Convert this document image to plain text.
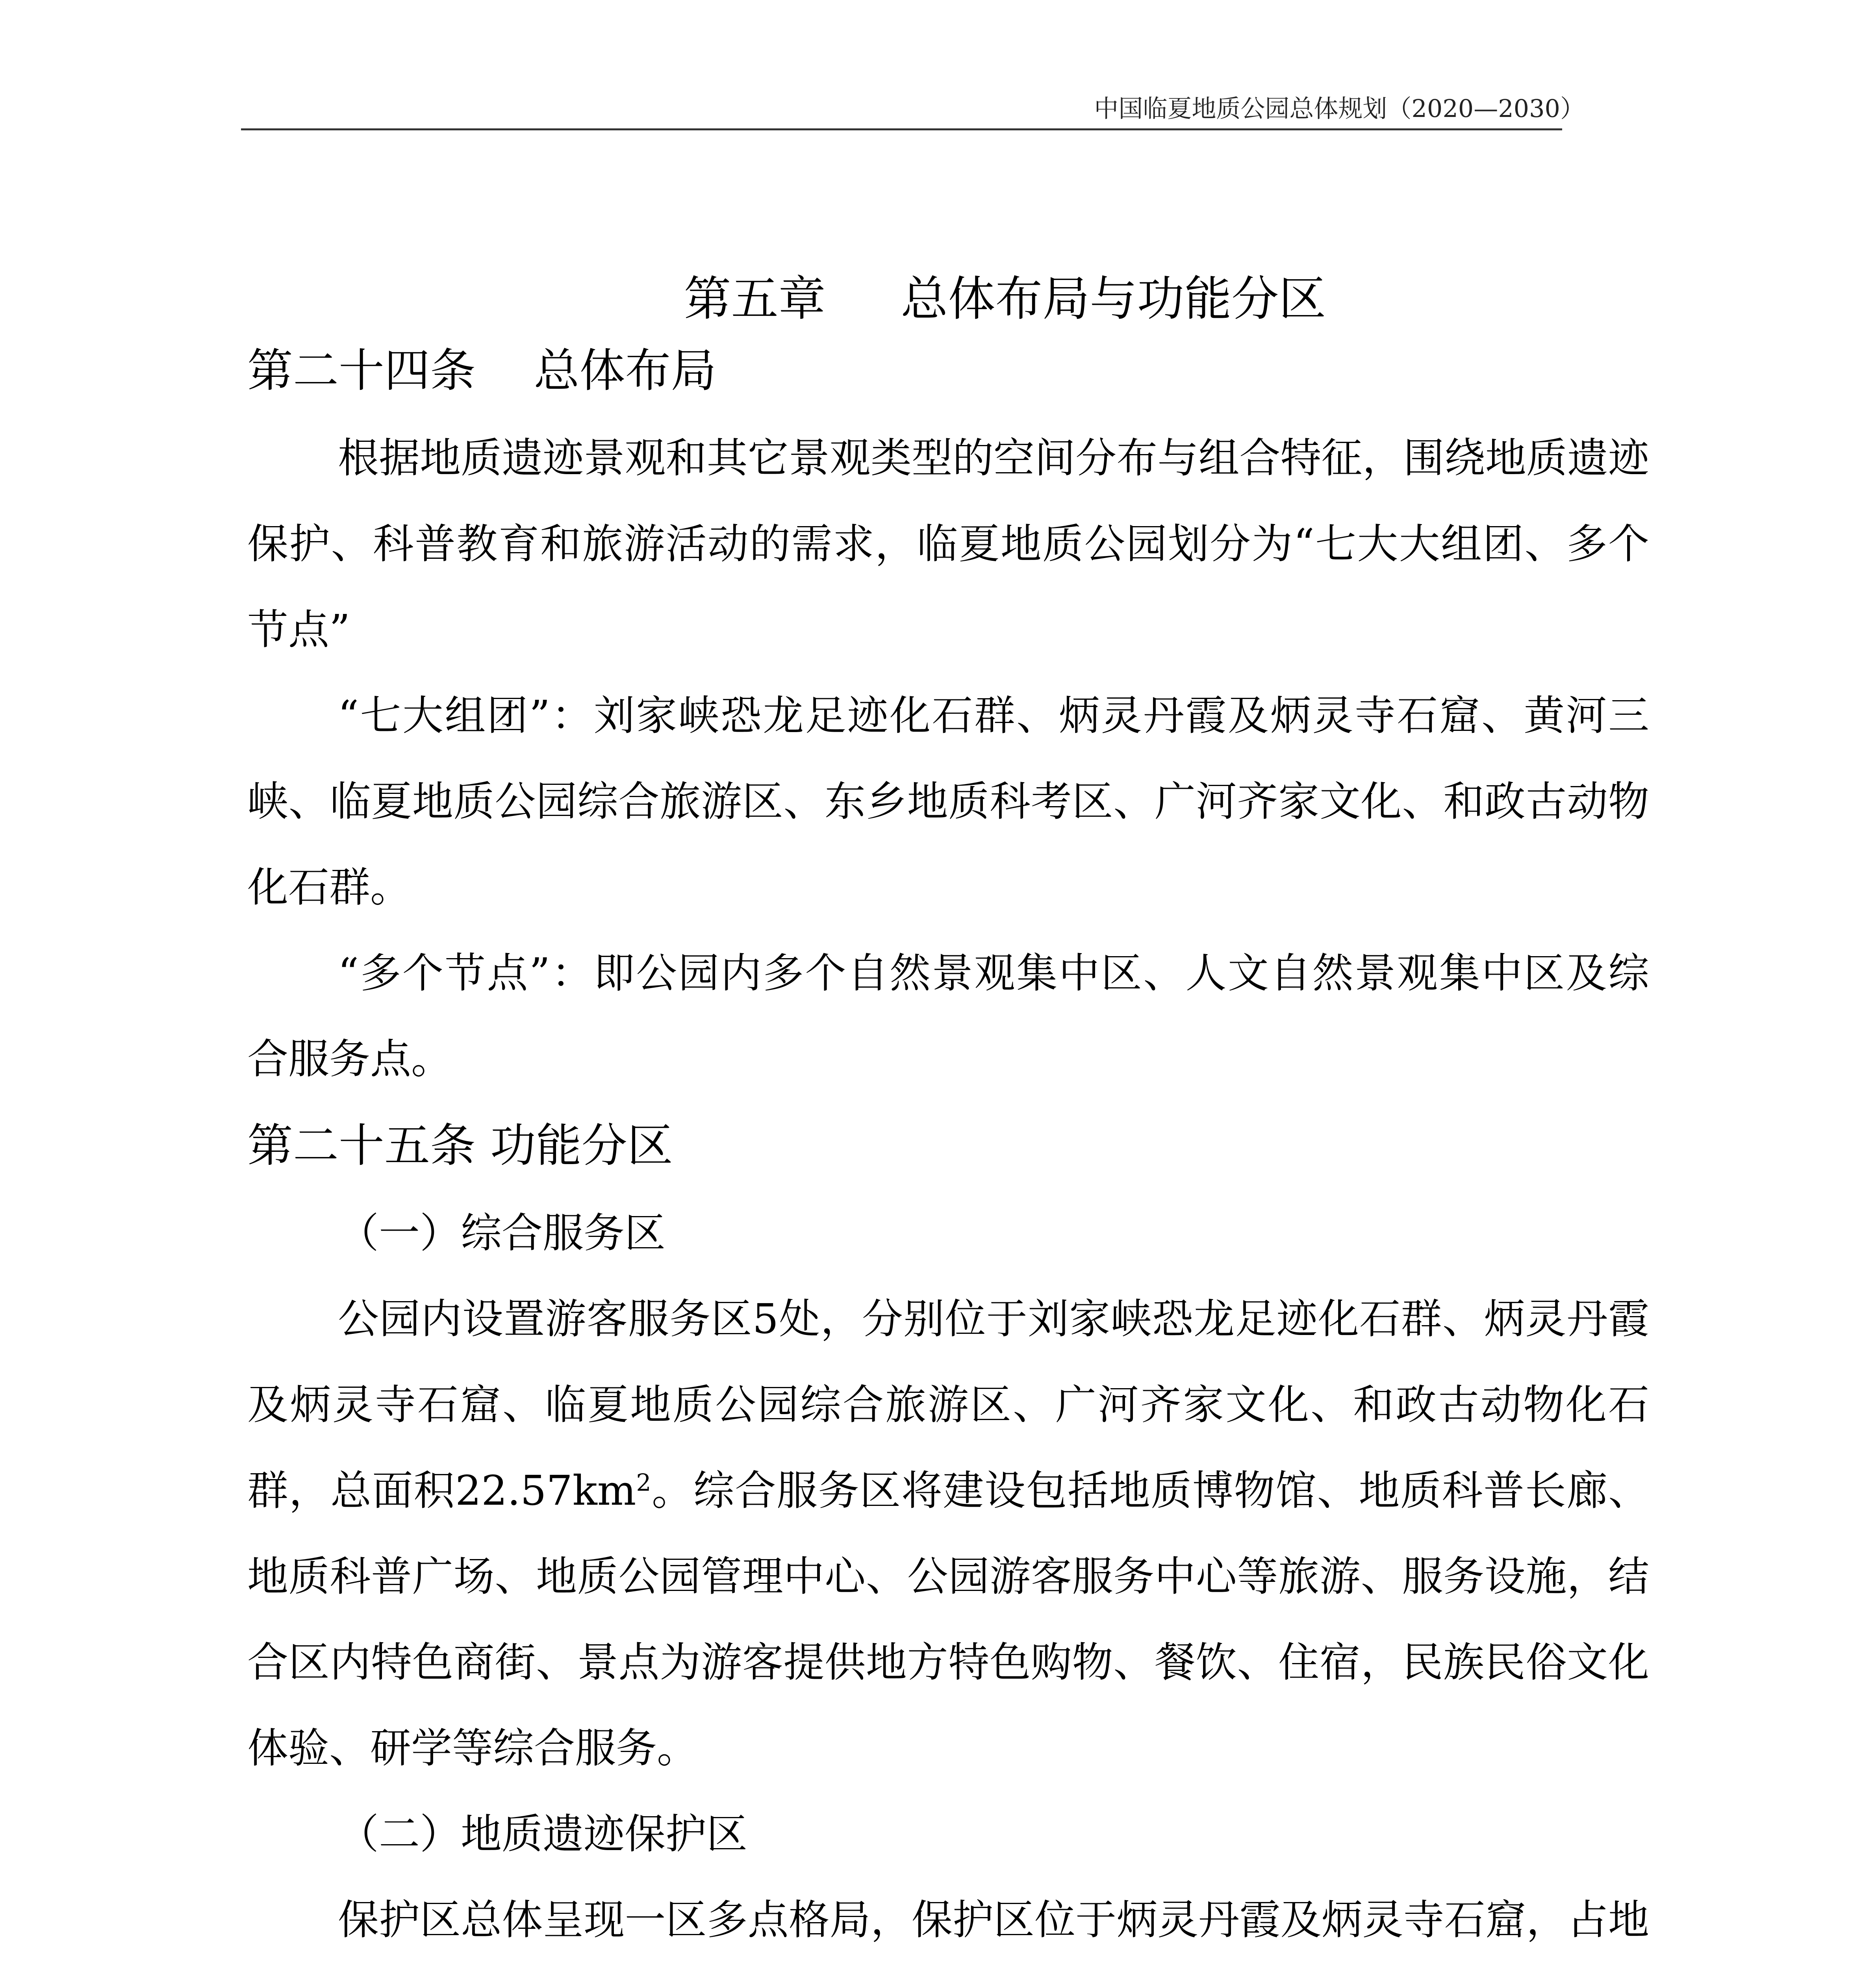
中国临夏地质公园总体规划（2020—2030）
第五章     总体布局与功能分区
第二十四条    总体布局

根据地质遗迹景观和其它景观类型的空间分布与组合特征，围绕地质遗迹保护、科普教育和旅游活动的需求，临夏地质公园划分为“七大大组团、多个节点”

“七大组团”：刘家峡恐龙足迹化石群、炳灵丹霞及炳灵寺石窟、黄河三峡、临夏地质公园综合旅游区、东乡地质科考区、广河齐家文化、和政古动物化石群。

“多个节点”：即公园内多个自然景观集中区、人文自然景观集中区及综合服务点。

第二十五条 功能分区
（一）综合服务区

公园内设置游客服务区5处，分别位于刘家峡恐龙足迹化石群、炳灵丹霞及炳灵寺石窟、临夏地质公园综合旅游区、广河齐家文化、和政古动物化石群，总面积$22.57km^2$。综合服务区将建设包括地质博物馆、地质科普长廊、地质科普广场、地质公园管理中心、公园游客服务中心等旅游、服务设施，结合区内特色商街、景点为游客提供地方特色购物、餐饮、住宿，民族民俗文化体验、研学等综合服务。

（二）地质遗迹保护区

保护区总体呈现一区多点格局，保护区位于炳灵丹霞及炳灵寺石窟，占地
